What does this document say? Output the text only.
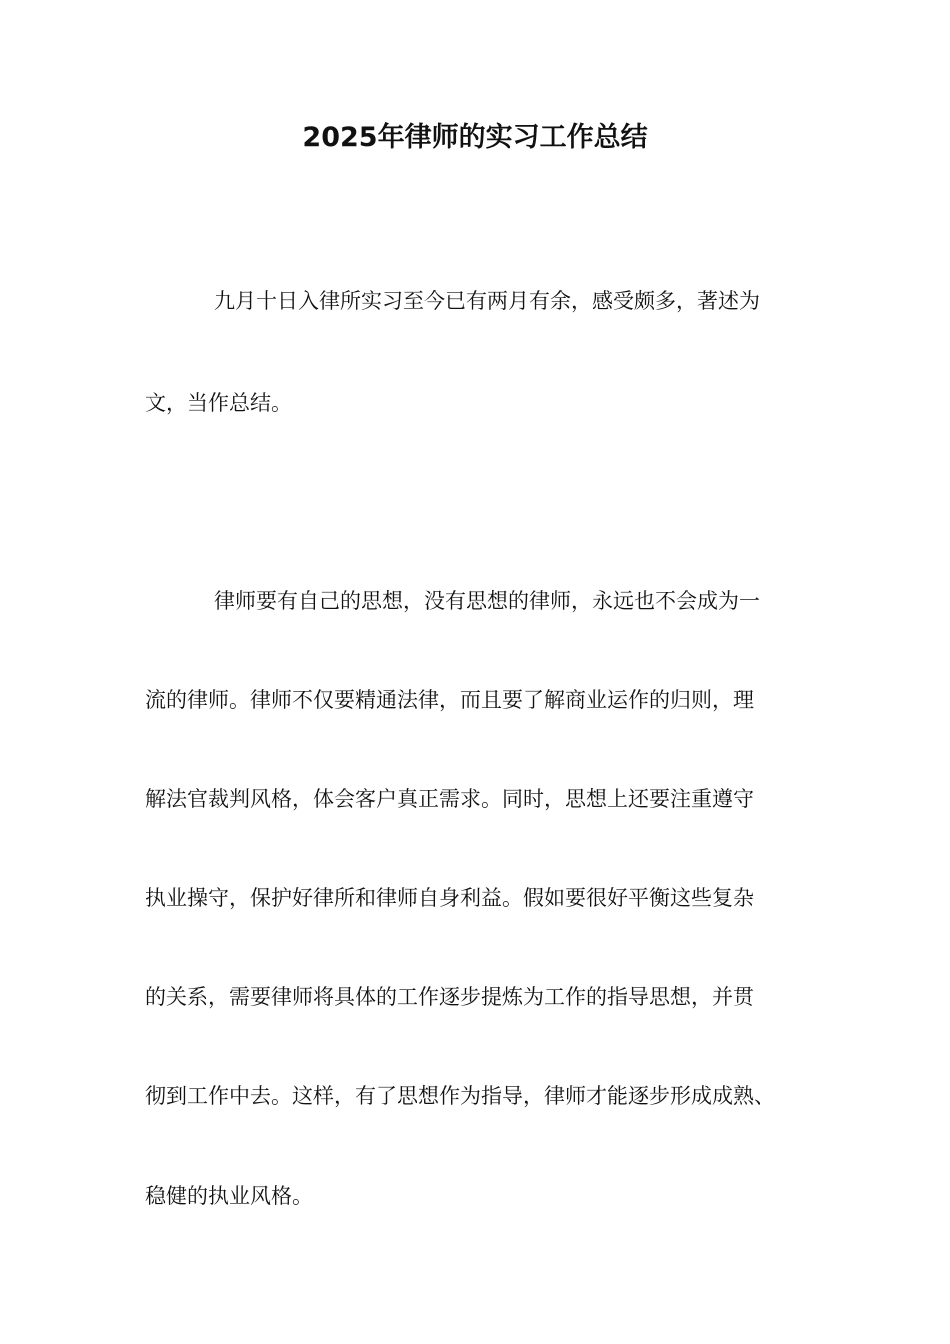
2025年律师的实习工作总结

九月十日入律所实习至今已有两月有余，感受颇多，著述为

文，当作总结。

律师要有自己的思想，没有思想的律师，永远也不会成为一

流的律师。律师不仅要精通法律，而且要了解商业运作的归则，理

解法官裁判风格，体会客户真正需求。同时，思想上还要注重遵守

执业操守，保护好律所和律师自身利益。假如要很好平衡这些复杂

的关系，需要律师将具体的工作逐步提炼为工作的指导思想，并贯

彻到工作中去。这样，有了思想作为指导，律师才能逐步形成成熟、

稳健的执业风格。
